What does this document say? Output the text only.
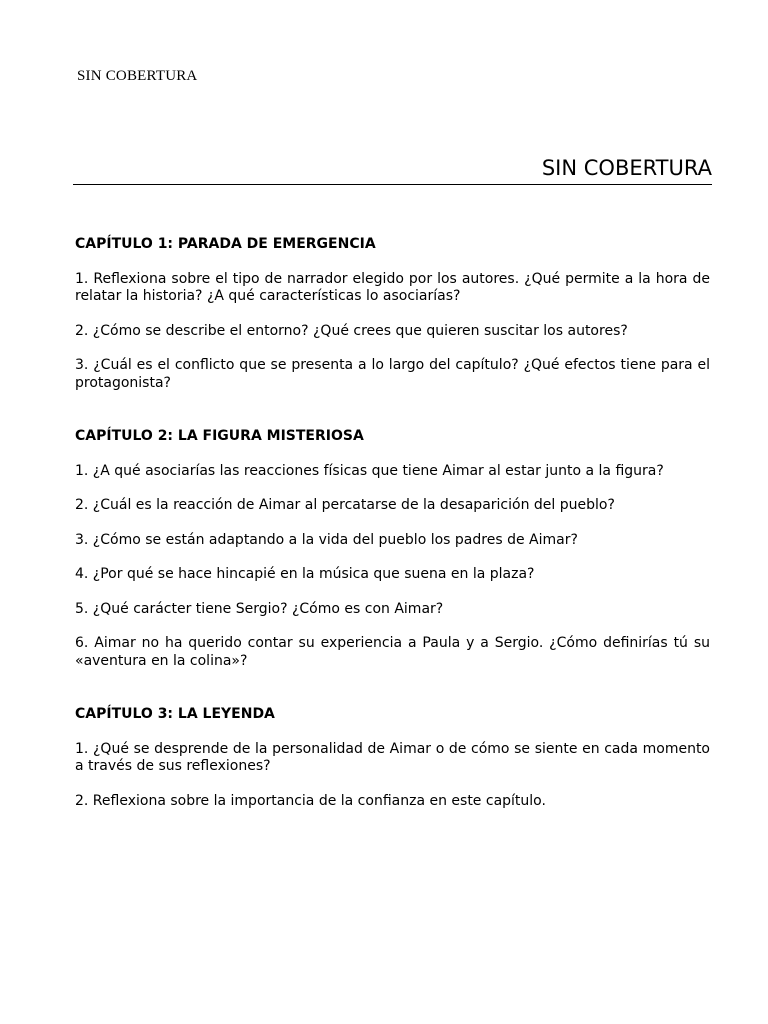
SIN COBERTURA
SIN COBERTURA
CAPÍTULO 1: PARADA DE EMERGENCIA

1. Reflexiona sobre el tipo de narrador elegido por los autores. ¿Qué permite a la hora de relatar la historia? ¿A qué características lo asociarías?

2. ¿Cómo se describe el entorno? ¿Qué crees que quieren suscitar los autores?

3. ¿Cuál es el conflicto que se presenta a lo largo del capítulo? ¿Qué efectos tiene para el protagonista?

CAPÍTULO 2: LA FIGURA MISTERIOSA

1. ¿A qué asociarías las reacciones físicas que tiene Aimar al estar junto a la figura?

2. ¿Cuál es la reacción de Aimar al percatarse de la desaparición del pueblo?

3. ¿Cómo se están adaptando a la vida del pueblo los padres de Aimar?

4. ¿Por qué se hace hincapié en la música que suena en la plaza?

5. ¿Qué carácter tiene Sergio? ¿Cómo es con Aimar?

6. Aimar no ha querido contar su experiencia a Paula y a Sergio. ¿Cómo definirías tú su «aventura en la colina»?

CAPÍTULO 3: LA LEYENDA

1. ¿Qué se desprende de la personalidad de Aimar o de cómo se siente en cada momento a través de sus reflexiones?

2. Reflexiona sobre la importancia de la confianza en este capítulo.
